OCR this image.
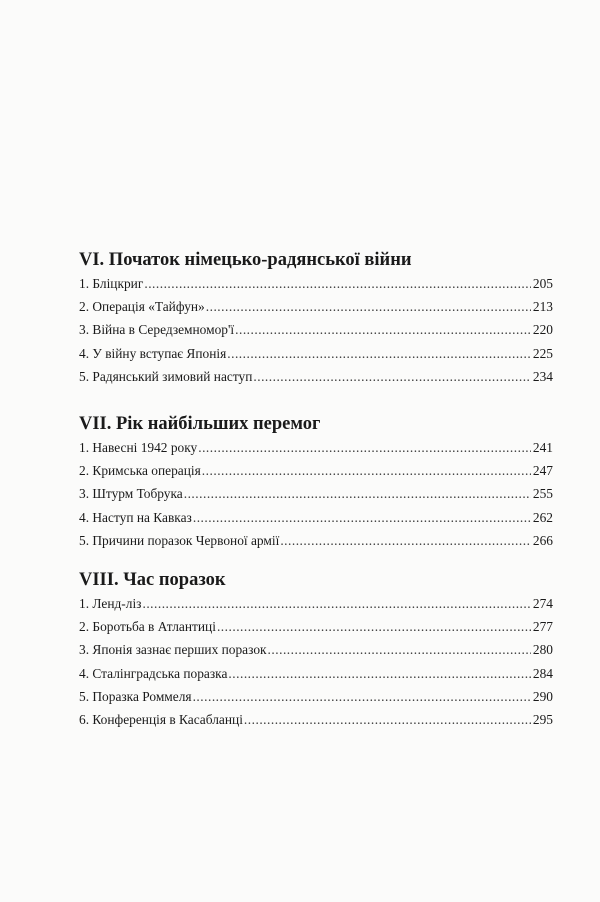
VI. Початок німецько-радянської війни
1. Бліцкриг .....	205
2. Операція «Тайфун» .....	213
3. Війна в Середземномор'ї .....	220
4. У війну вступає Японія .....	225
5. Радянський зимовий наступ .....	234
VII. Рік найбільших перемог
1. Навесні 1942 року .....	241
2. Кримська операція .....	247
3. Штурм Тобрука .....	255
4. Наступ на Кавказ .....	262
5. Причини поразок Червоної армії .....	266
VIII. Час поразок
1. Ленд-ліз .....	274
2. Боротьба в Атлантиці .....	277
3. Японія зазнає перших поразок .....	280
4. Сталінградська поразка .....	284
5. Поразка Роммеля .....	290
6. Конференція в Касабланці .....	295
